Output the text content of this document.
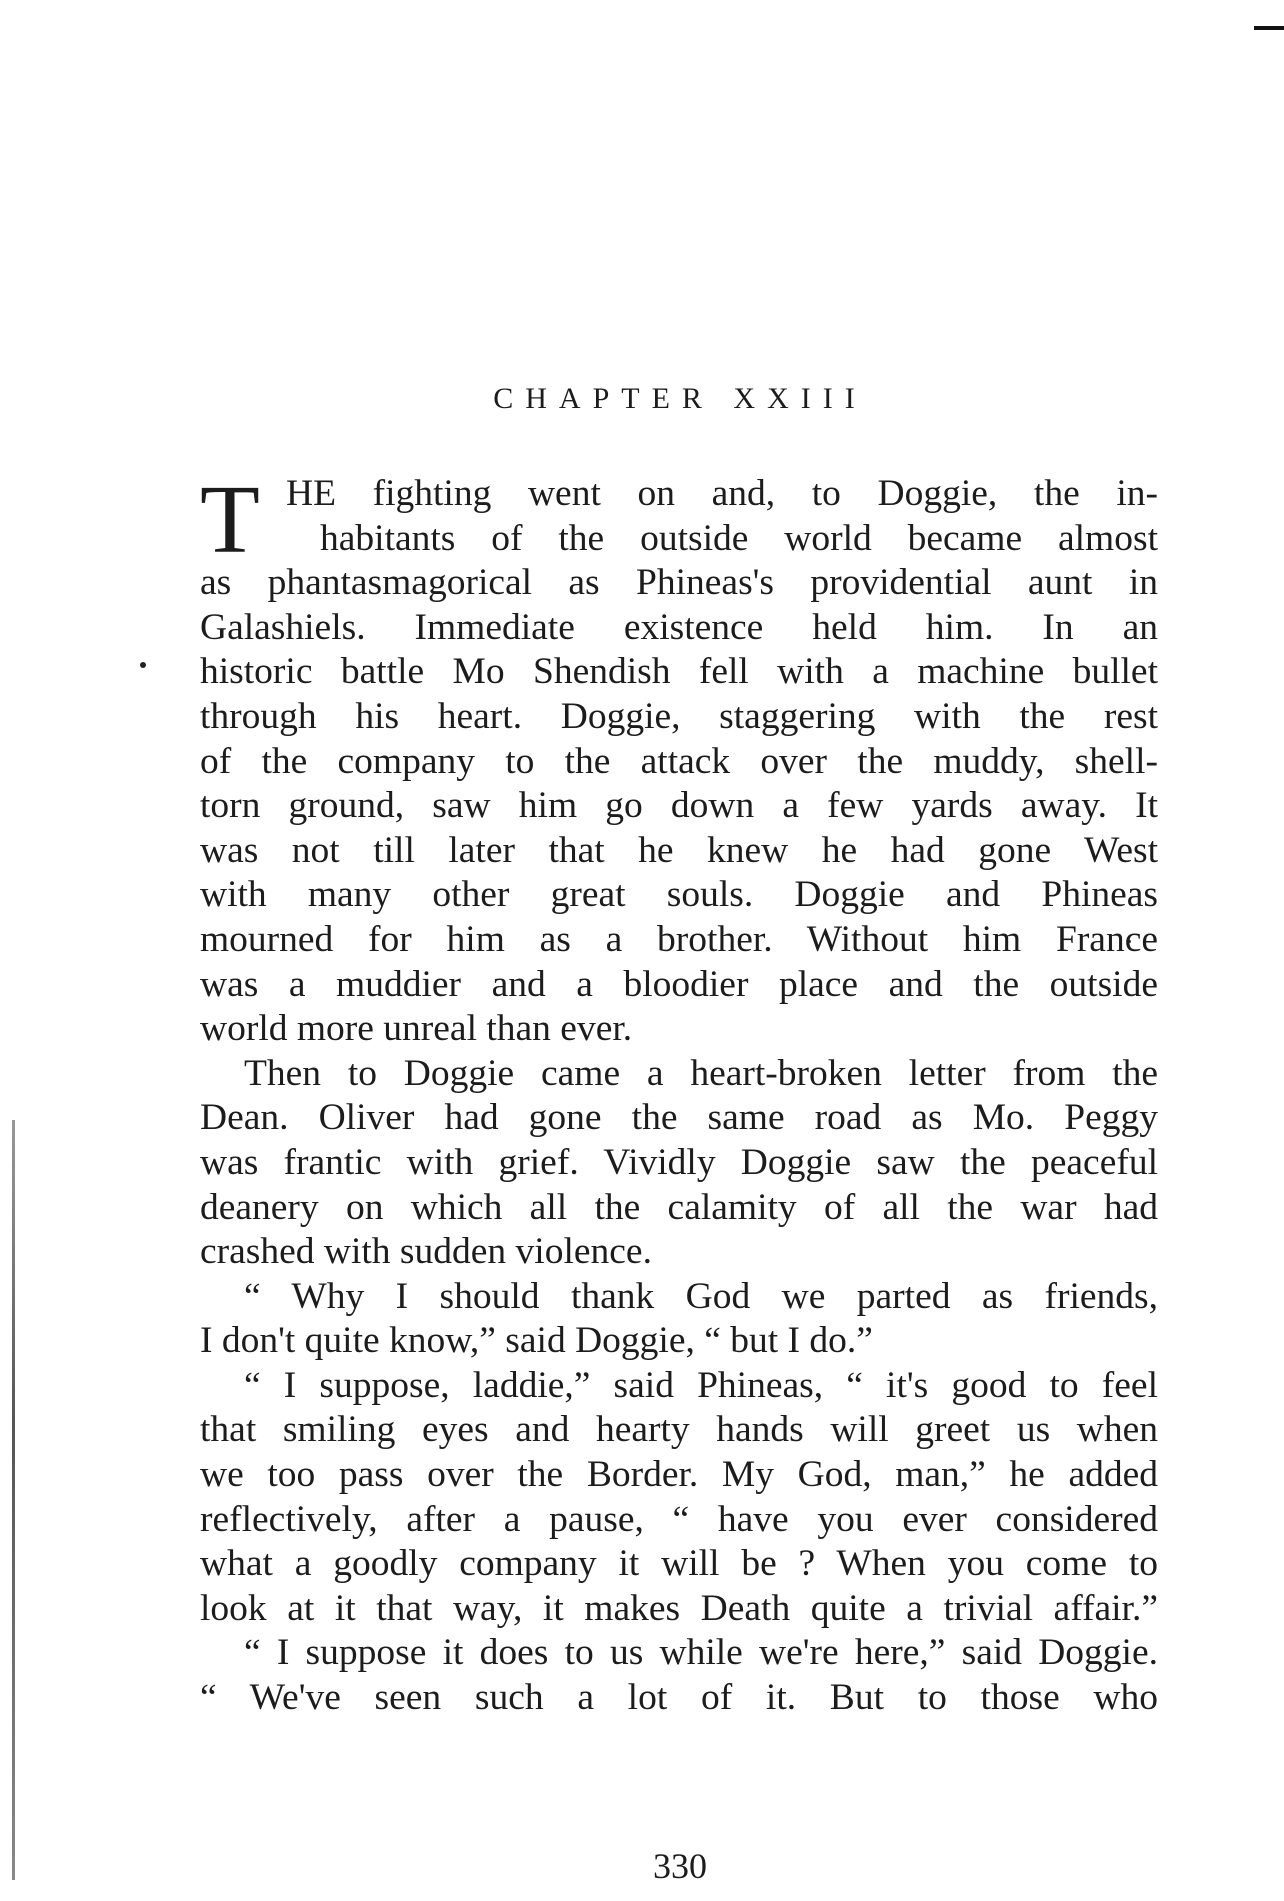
CHAPTER XXIII
T HE fighting went on and, to Doggie, the in-
habitants of the outside world became almost
as phantasmagorical as Phineas's providential aunt in
Galashiels. Immediate existence held him. In an
historic battle Mo Shendish fell with a machine bullet
through his heart. Doggie, staggering with the rest
of the company to the attack over the muddy, shell-
torn ground, saw him go down a few yards away. It
was not till later that he knew he had gone West
with many other great souls. Doggie and Phineas
mourned for him as a brother. Without him France
was a muddier and a bloodier place and the outside
world more unreal than ever.
Then to Doggie came a heart-broken letter from the
Dean. Oliver had gone the same road as Mo. Peggy
was frantic with grief. Vividly Doggie saw the peaceful
deanery on which all the calamity of all the war had
crashed with sudden violence.
“ Why I should thank God we parted as friends,
I don't quite know,” said Doggie, “ but I do.”
“ I suppose, laddie,” said Phineas, “ it's good to feel
that smiling eyes and hearty hands will greet us when
we too pass over the Border. My God, man,” he added
reflectively, after a pause, “ have you ever considered
what a goodly company it will be ? When you come to
look at it that way, it makes Death quite a trivial affair.”
“ I suppose it does to us while we're here,” said Doggie.
“ We've seen such a lot of it. But to those who

330
